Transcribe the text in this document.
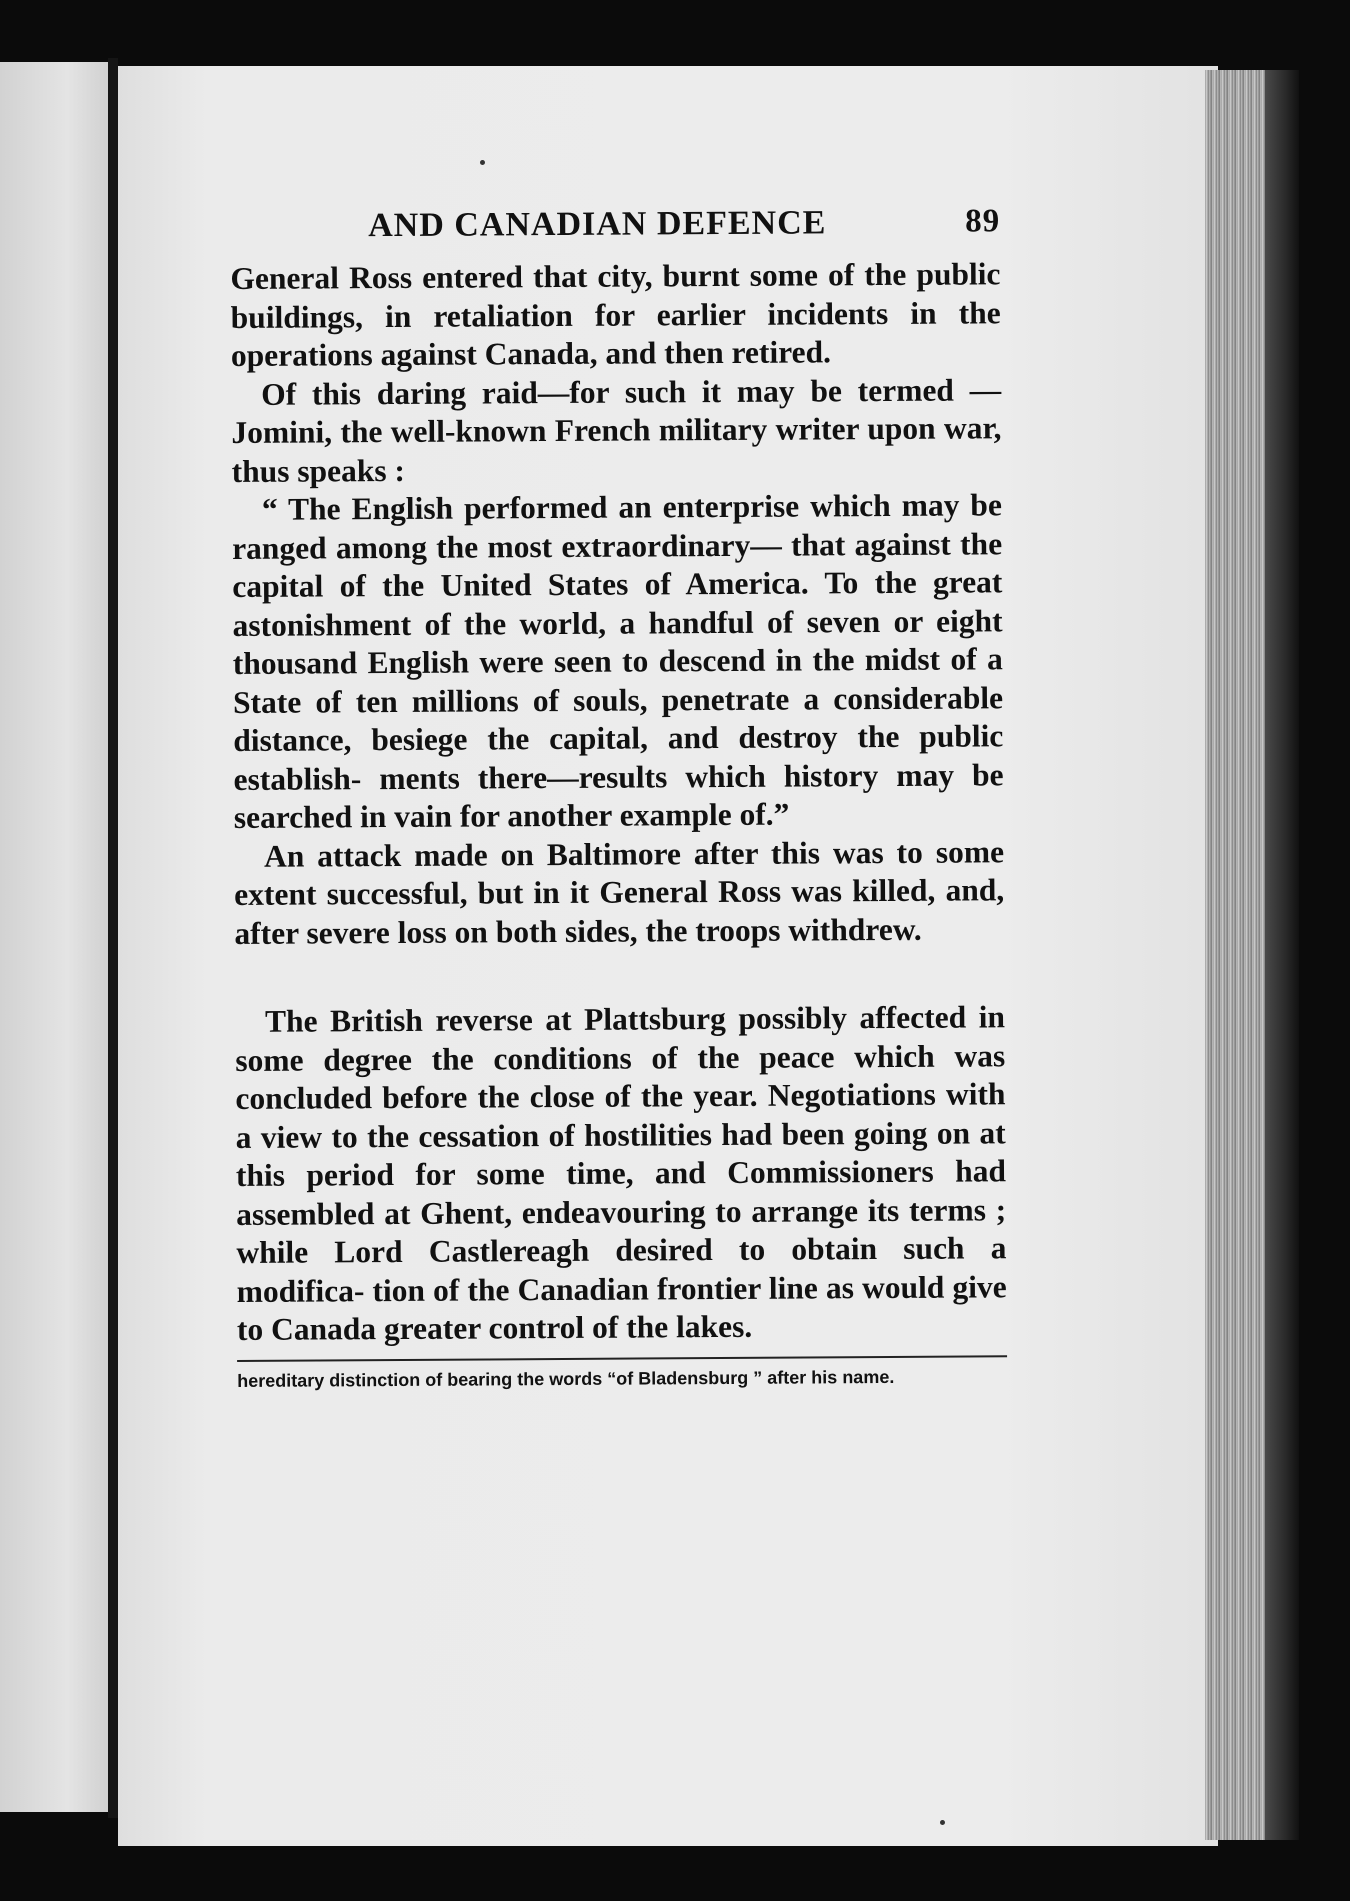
AND CANADIAN DEFENCE	89

General Ross entered that city, burnt some of the public buildings, in retaliation for earlier incidents in the operations against Canada, and then retired.

Of this daring raid—for such it may be termed —Jomini, the well-known French military writer upon war, thus speaks :

“ The English performed an enterprise which may be ranged among the most extraordinary— that against the capital of the United States of America. To the great astonishment of the world, a handful of seven or eight thousand English were seen to descend in the midst of a State of ten millions of souls, penetrate a considerable distance, besiege the capital, and destroy the public establish- ments there—results which history may be searched in vain for another example of.”

An attack made on Baltimore after this was to some extent successful, but in it General Ross was killed, and, after severe loss on both sides, the troops withdrew.

The British reverse at Plattsburg possibly affected in some degree the conditions of the peace which was concluded before the close of the year. Negotiations with a view to the cessation of hostilities had been going on at this period for some time, and Commissioners had assembled at Ghent, endeavouring to arrange its terms ; while Lord Castlereagh desired to obtain such a modifica- tion of the Canadian frontier line as would give to Canada greater control of the lakes.

hereditary distinction of bearing the words “of Bladensburg ” after his name.
